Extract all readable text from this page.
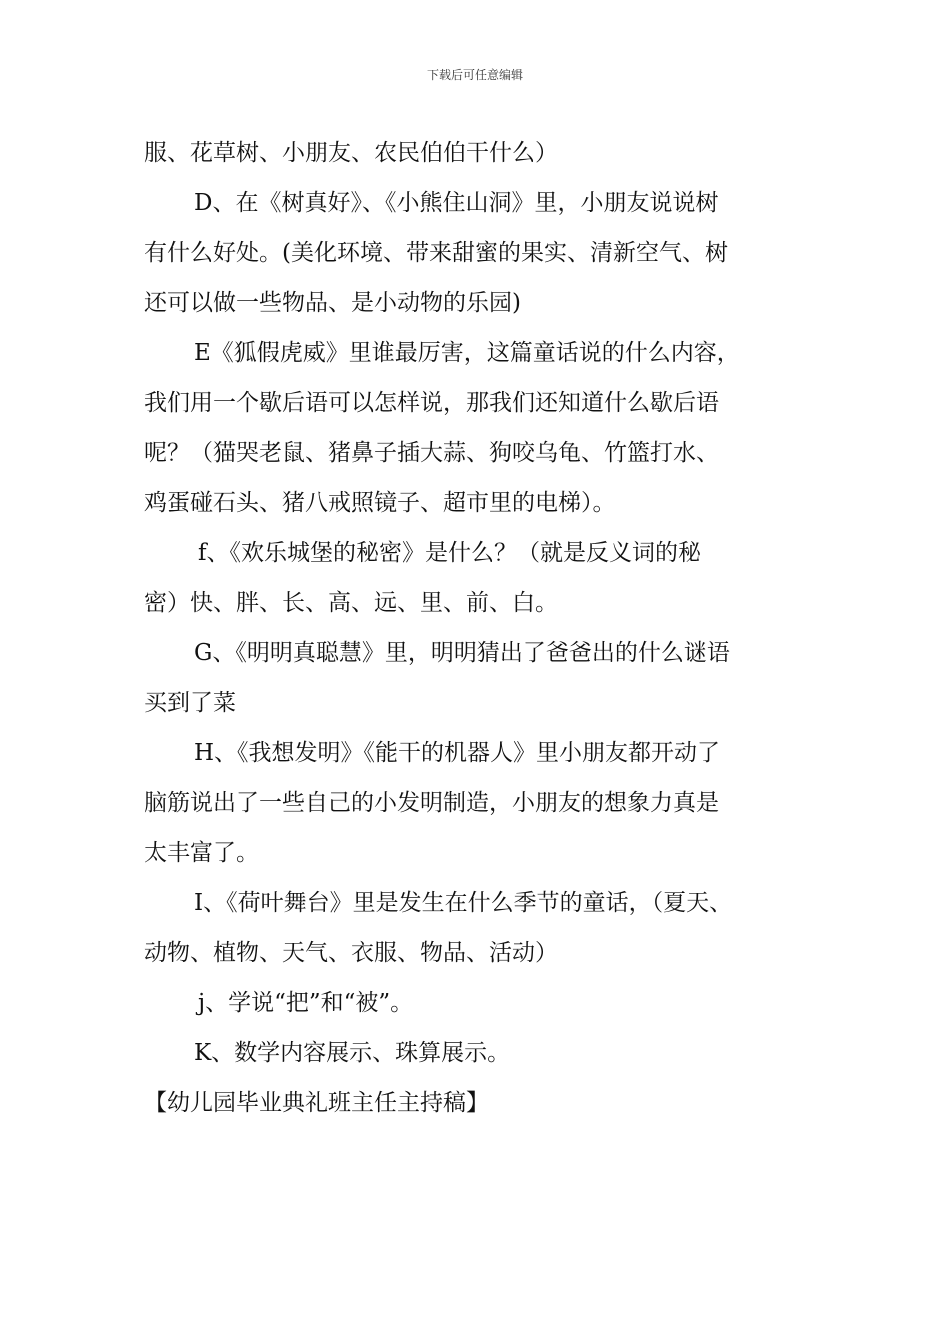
下载后可任意编辑
服、花草树、小朋友、农民伯伯干什么）
D、在《树真好》、《小熊住山洞》里，小朋友说说树
有什么好处。(美化环境、带来甜蜜的果实、清新空气、树
还可以做一些物品、是小动物的乐园)
E《狐假虎威》里谁最厉害，这篇童话说的什么内容，
我们用一个歇后语可以怎样说，那我们还知道什么歇后语
呢？（猫哭老鼠、猪鼻子插大蒜、狗咬乌龟、竹篮打水、
鸡蛋碰石头、猪八戒照镜子、超市里的电梯）。
f、《欢乐城堡的秘密》是什么？（就是反义词的秘
密）快、胖、长、高、远、里、前、白。
G、《明明真聪慧》里，明明猜出了爸爸出的什么谜语
买到了菜
H、《我想发明》《能干的机器人》里小朋友都开动了
脑筋说出了一些自己的小发明制造，小朋友的想象力真是
太丰富了。
I、《荷叶舞台》里是发生在什么季节的童话，（夏天、
动物、植物、天气、衣服、物品、活动）
j、学说“把”和“被”。
K、数学内容展示、珠算展示。
【幼儿园毕业典礼班主任主持稿】
